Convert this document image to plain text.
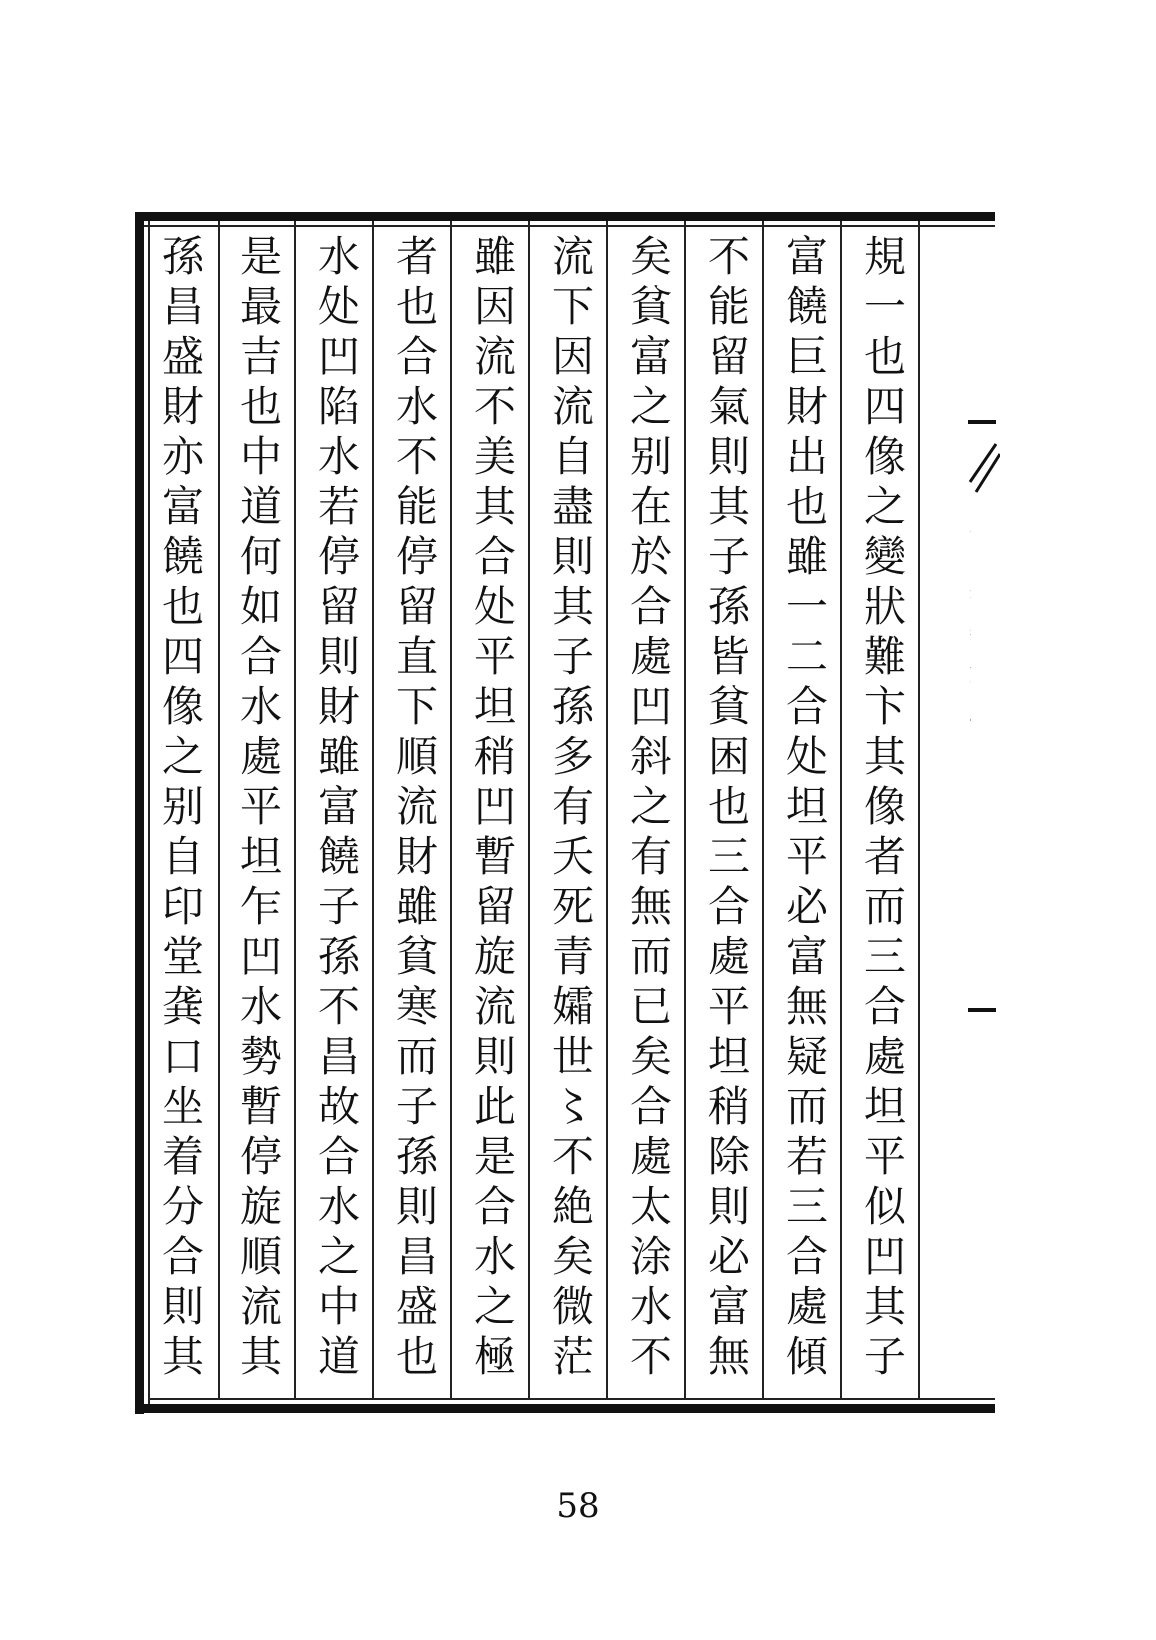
規一也四像之變狀難卞其像者而三合處坦平似凹其子
富饒巨財出也雖一二合处坦平必富無疑而若三合處傾
不能留氣則其子孫皆貧困也三合處平坦稍除則必富無
矣貧富之别在於合處凹斜之有無而已矣合處太涂水不
流下因流自盡則其子孫多有夭死青孀世〻不絶矣微茫
雖因流不美其合处平坦稍凹暫留旋流則此是合水之極
者也合水不能停留直下順流財雖貧寒而子孫則昌盛也
水处凹陷水若停留則財雖富饒子孫不昌故合水之中道
是最吉也中道何如合水處平坦乍凹水勢暫停旋順流其
孫昌盛財亦富饒也四像之别自印堂龚口坐着分合則其
58
